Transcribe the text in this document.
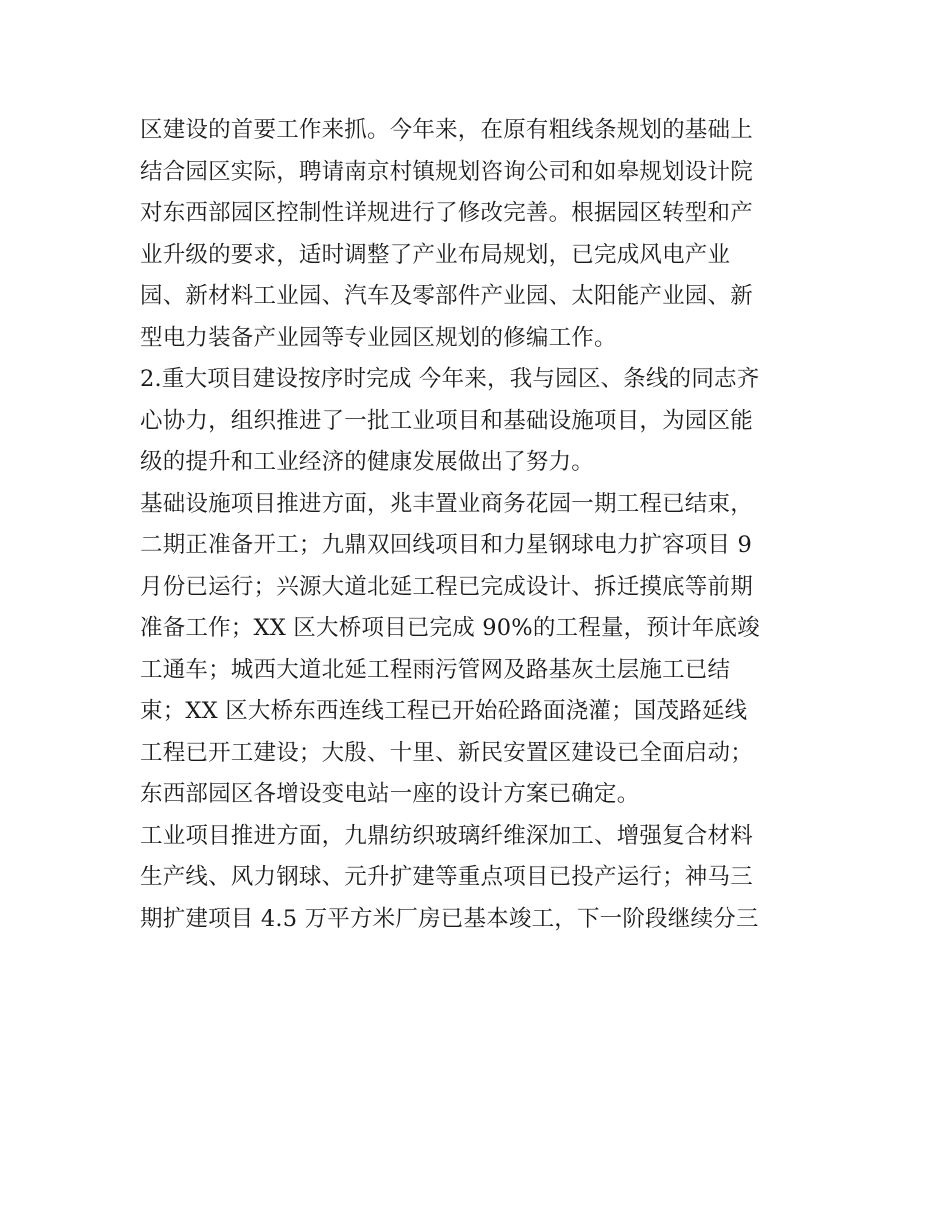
区建设的首要工作来抓。今年来，在原有粗线条规划的基础上
结合园区实际，聘请南京村镇规划咨询公司和如皋规划设计院
对东西部园区控制性详规进行了修改完善。根据园区转型和产
业升级的要求，适时调整了产业布局规划，已完成风电产业
园、新材料工业园、汽车及零部件产业园、太阳能产业园、新
型电力装备产业园等专业园区规划的修编工作。

2.重大项目建设按序时完成 今年来，我与园区、条线的同志齐
心协力，组织推进了一批工业项目和基础设施项目，为园区能
级的提升和工业经济的健康发展做出了努力。

基础设施项目推进方面，兆丰置业商务花园一期工程已结束，
二期正准备开工；九鼎双回线项目和力星钢球电力扩容项目 9
月份已运行；兴源大道北延工程已完成设计、拆迁摸底等前期
准备工作；XX 区大桥项目已完成 90%的工程量，预计年底竣
工通车；城西大道北延工程雨污管网及路基灰土层施工已结
束；XX 区大桥东西连线工程已开始砼路面浇灌；国茂路延线
工程已开工建设；大殷、十里、新民安置区建设已全面启动；
东西部园区各增设变电站一座的设计方案已确定。

工业项目推进方面，九鼎纺织玻璃纤维深加工、增强复合材料
生产线、风力钢球、元升扩建等重点项目已投产运行；神马三
期扩建项目 4.5 万平方米厂房已基本竣工，下一阶段继续分三
